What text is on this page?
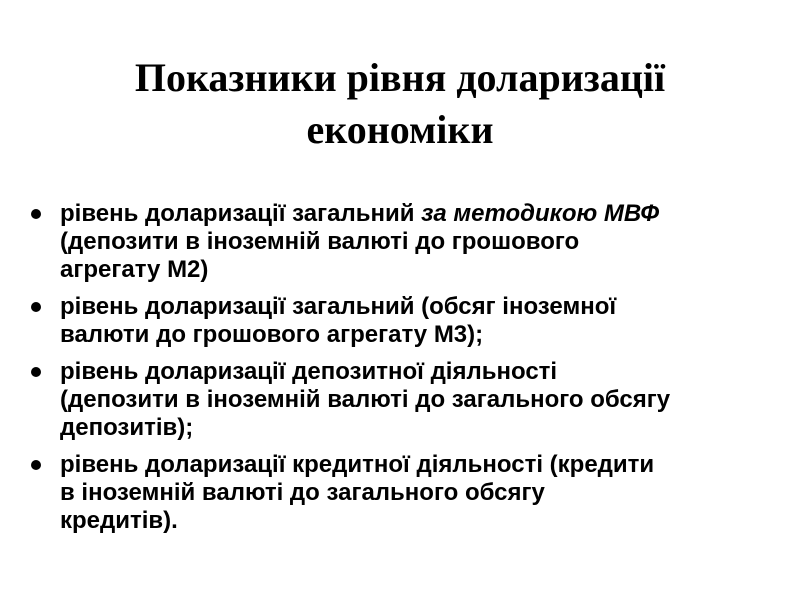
Показники рівня доларизації
економіки
рівень доларизації загальний за методикою МВФ
(депозити в іноземній валюті до грошового
агрегату М2)
рівень доларизації загальний (обсяг іноземної
валюти до грошового агрегату М3);
рівень доларизації депозитної діяльності
(депозити в іноземній валюті до загального обсягу
депозитів);
рівень доларизації кредитної діяльності (кредити
в іноземній валюті до загального обсягу
кредитів).
